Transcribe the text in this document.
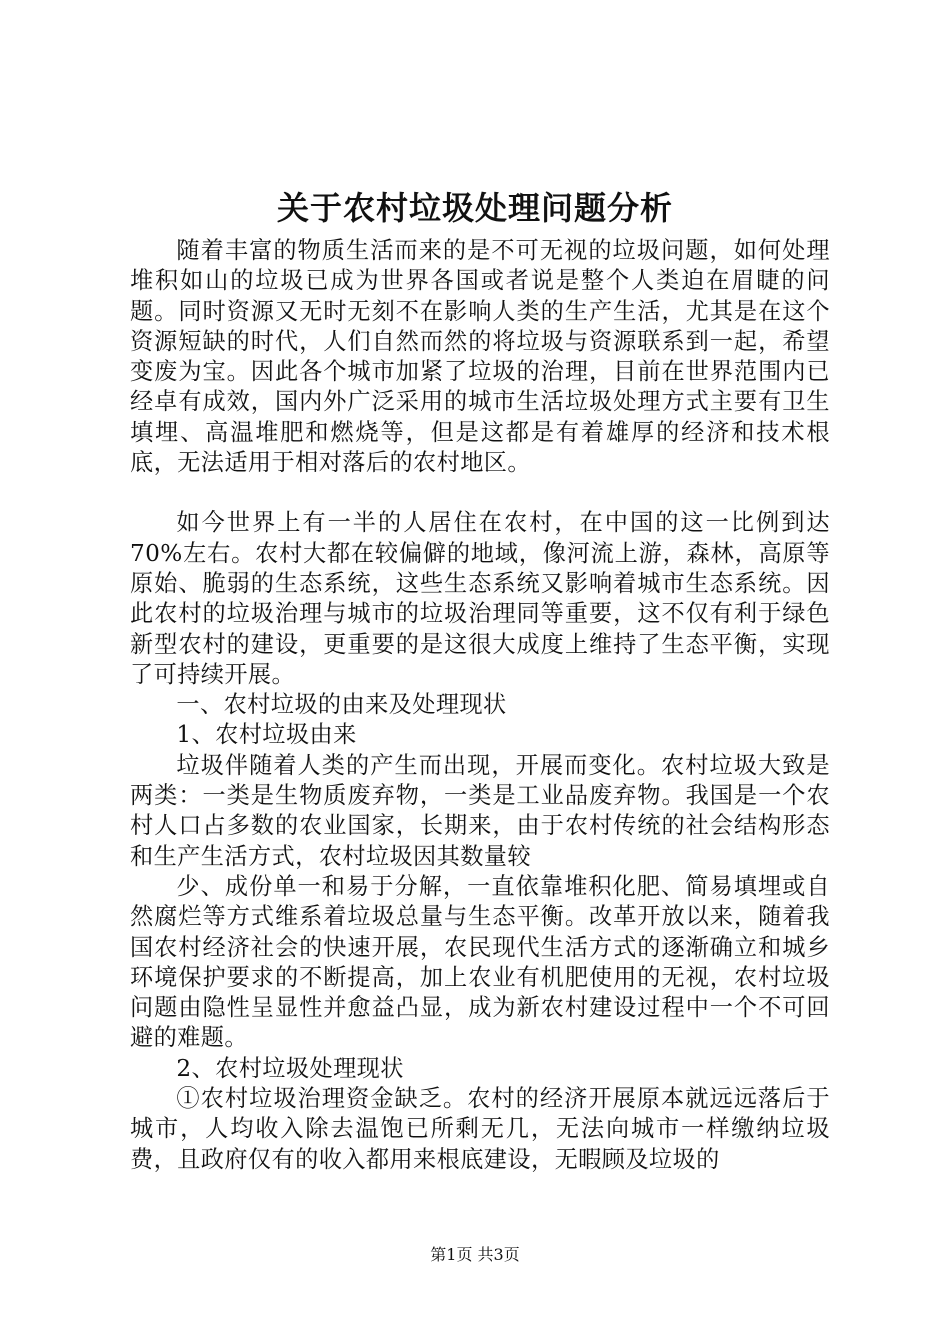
关于农村垃圾处理问题分析

随着丰富的物质生活而来的是不可无视的垃圾问题，如何处理堆积如山的垃圾已成为世界各国或者说是整个人类迫在眉睫的问题。同时资源又无时无刻不在影响人类的生产生活，尤其是在这个资源短缺的时代，人们自然而然的将垃圾与资源联系到一起，希望变废为宝。因此各个城市加紧了垃圾的治理，目前在世界范围内已经卓有成效，国内外广泛采用的城市生活垃圾处理方式主要有卫生填埋、高温堆肥和燃烧等，但是这都是有着雄厚的经济和技术根底，无法适用于相对落后的农村地区。

如今世界上有一半的人居住在农村，在中国的这一比例到达70%左右。农村大都在较偏僻的地域，像河流上游，森林，高原等原始、脆弱的生态系统，这些生态系统又影响着城市生态系统。因此农村的垃圾治理与城市的垃圾治理同等重要，这不仅有利于绿色新型农村的建设，更重要的是这很大成度上维持了生态平衡，实现了可持续开展。

一、农村垃圾的由来及处理现状

1、农村垃圾由来

垃圾伴随着人类的产生而出现，开展而变化。农村垃圾大致是两类：一类是生物质废弃物，一类是工业品废弃物。我国是一个农村人口占多数的农业国家，长期来，由于农村传统的社会结构形态和生产生活方式，农村垃圾因其数量较

少、成份单一和易于分解，一直依靠堆积化肥、简易填埋或自然腐烂等方式维系着垃圾总量与生态平衡。改革开放以来，随着我国农村经济社会的快速开展，农民现代生活方式的逐渐确立和城乡环境保护要求的不断提高，加上农业有机肥使用的无视，农村垃圾问题由隐性呈显性并愈益凸显，成为新农村建设过程中一个不可回避的难题。

2、农村垃圾处理现状

①农村垃圾治理资金缺乏。农村的经济开展原本就远远落后于城市，人均收入除去温饱已所剩无几，无法向城市一样缴纳垃圾费，且政府仅有的收入都用来根底建设，无暇顾及垃圾的

第1页 共3页
